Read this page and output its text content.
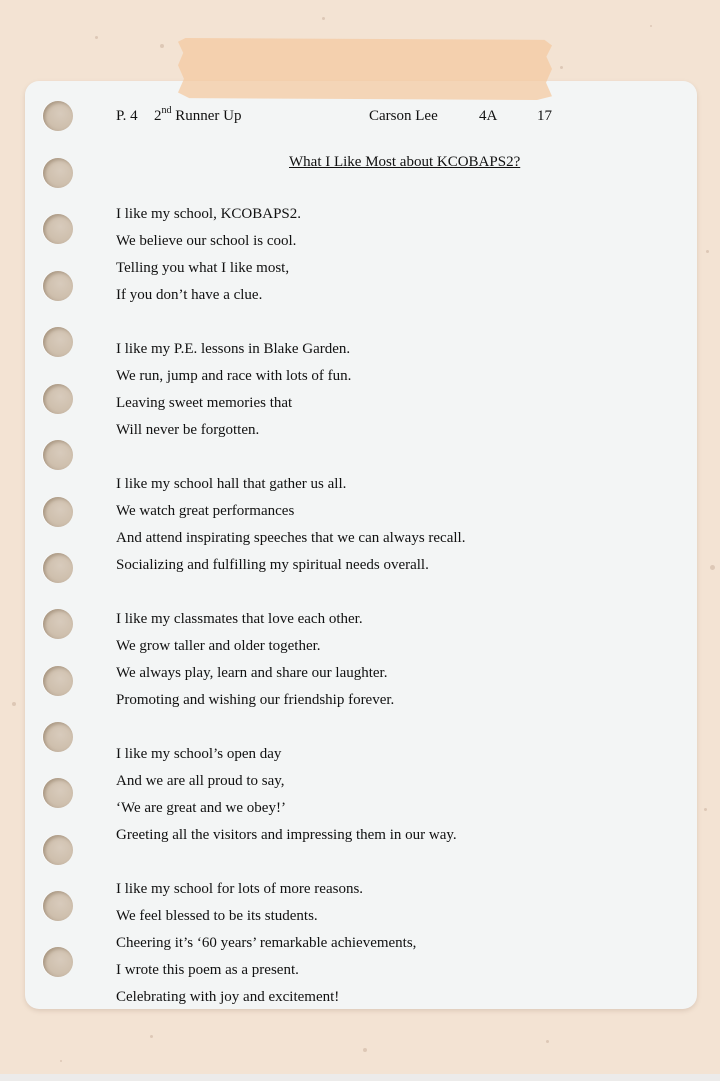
P. 4 2nd Runner Up	Carson Lee	4A	17
What I Like Most about KCOBAPS2?
I like my school, KCOBAPS2.
We believe our school is cool.
Telling you what I like most,
If you don’t have a clue.
I like my P.E. lessons in Blake Garden.
We run, jump and race with lots of fun.
Leaving sweet memories that
Will never be forgotten.
I like my school hall that gather us all.
We watch great performances
And attend inspirating speeches that we can always recall.
Socializing and fulfilling my spiritual needs overall.
I like my classmates that love each other.
We grow taller and older together.
We always play, learn and share our laughter.
Promoting and wishing our friendship forever.
I like my school’s open day
And we are all proud to say,
‘We are great and we obey!’
Greeting all the visitors and impressing them in our way.
I like my school for lots of more reasons.
We feel blessed to be its students.
Cheering it’s ‘60 years’ remarkable achievements,
I wrote this poem as a present.
Celebrating with joy and excitement!
